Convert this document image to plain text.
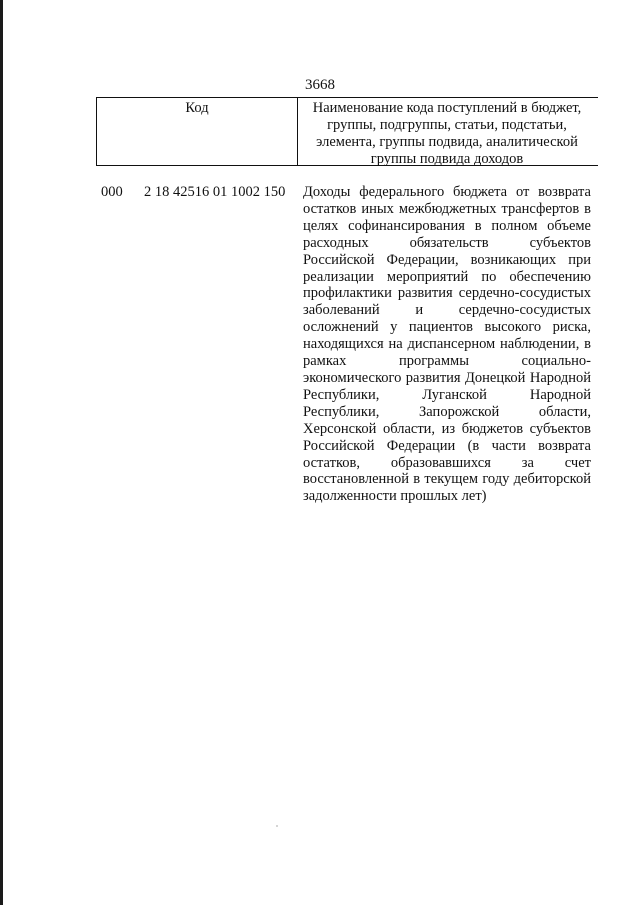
3668
Код	Наименование кода поступлений в бюджет, группы, подгруппы, статьи, подстатьи, элемента, группы подвида, аналитической группы подвида доходов
000 2 18 42516 01 1002 150 Доходы федерального бюджета от возврата остатков иных межбюджетных трансфертов в целях софинансирования в полном объеме расходных обязательств субъектов Российской Федерации, возникающих при реализации мероприятий по обеспечению профилактики развития сердечно-сосудистых заболеваний и сердечно-сосудистых осложнений у пациентов высокого риска, находящихся на диспансерном наблюдении, в рамках программы социально-экономического развития Донецкой Народной Республики, Луганской Народной Республики, Запорожской области, Херсонской области, из бюджетов субъектов Российской Федерации (в части возврата остатков, образовавшихся за счет восстановленной в текущем году дебиторской задолженности прошлых лет)
